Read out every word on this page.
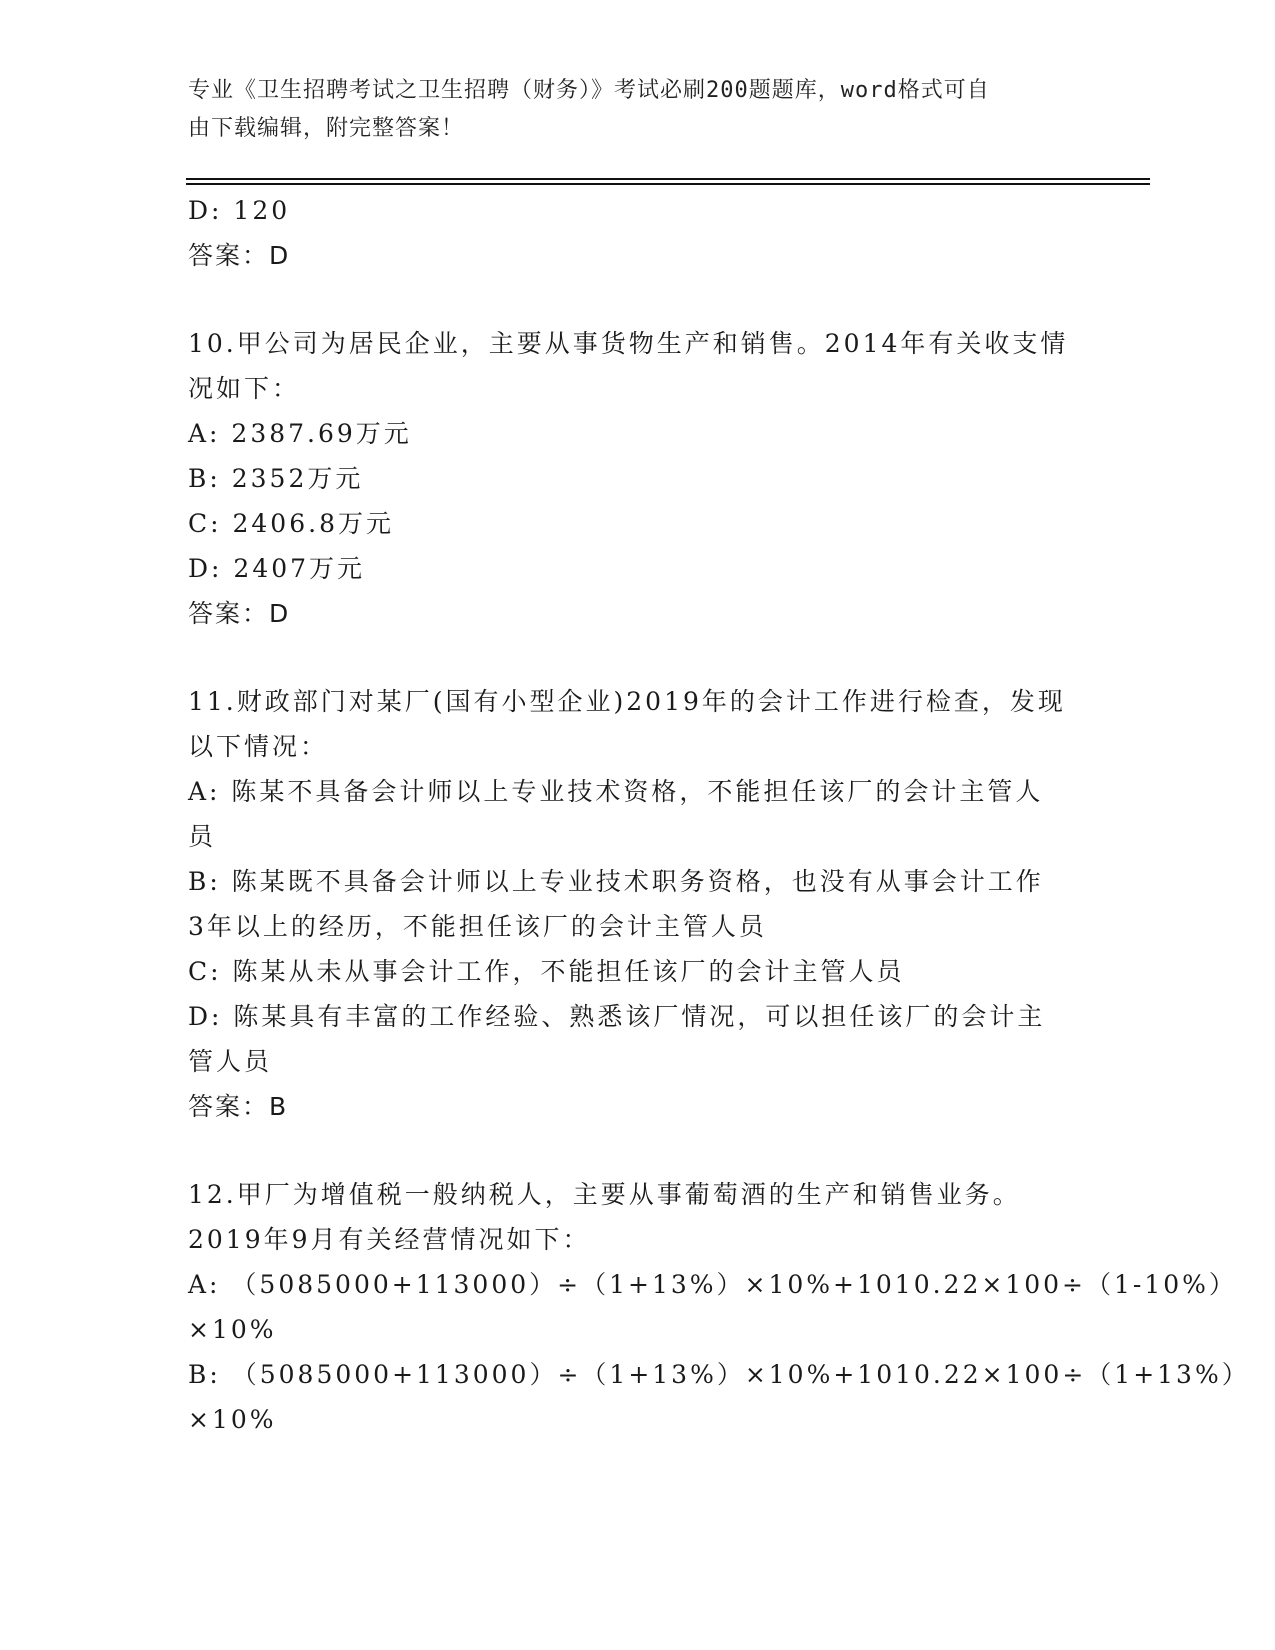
专业《卫生招聘考试之卫生招聘（财务）》考试必刷200题题库，word格式可自
由下载编辑，附完整答案！
D: 120
答案：D
10.甲公司为居民企业，主要从事货物生产和销售。2014年有关收支情
况如下：
A: 2387.69万元
B: 2352万元
C: 2406.8万元
D: 2407万元
答案：D
11.财政部门对某厂(国有小型企业)2019年的会计工作进行检查，发现
以下情况：
A: 陈某不具备会计师以上专业技术资格，不能担任该厂的会计主管人
员
B: 陈某既不具备会计师以上专业技术职务资格，也没有从事会计工作
3年以上的经历，不能担任该厂的会计主管人员
C: 陈某从未从事会计工作，不能担任该厂的会计主管人员
D: 陈某具有丰富的工作经验、熟悉该厂情况，可以担任该厂的会计主
管人员
答案：B
12.甲厂为增值税一般纳税人，主要从事葡萄酒的生产和销售业务。
2019年9月有关经营情况如下：
A: （5085000+113000）÷（1+13%）×10%+1010.22×100÷（1-10%）
×10%
B: （5085000+113000）÷（1+13%）×10%+1010.22×100÷（1+13%）
×10%
